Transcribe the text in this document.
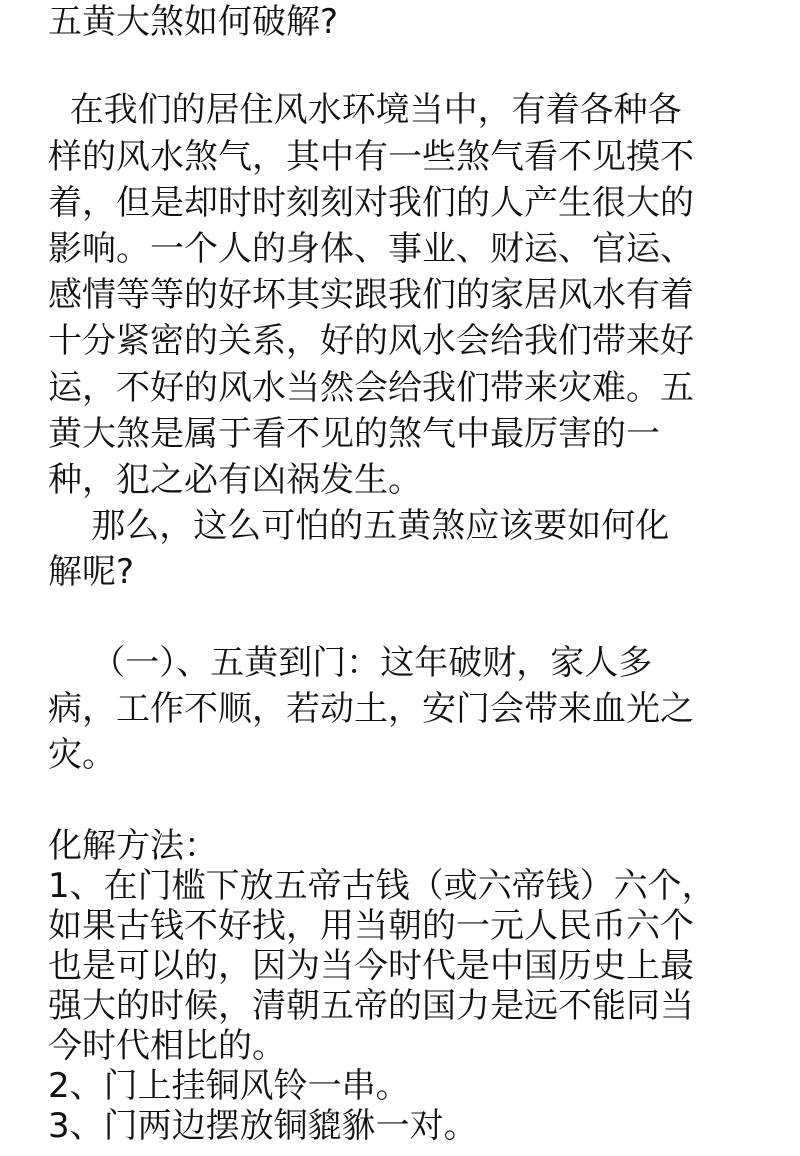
五黄大煞如何破解?
在我们的居住风水环境当中，有着各种各
样的风水煞气，其中有一些煞气看不见摸不
着，但是却时时刻刻对我们的人产生很大的
影响。一个人的身体、事业、财运、官运、
感情等等的好坏其实跟我们的家居风水有着
十分紧密的关系，好的风水会给我们带来好
运，不好的风水当然会给我们带来灾难。五
黄大煞是属于看不见的煞气中最厉害的一
种，犯之必有凶祸发生。
那么，这么可怕的五黄煞应该要如何化
解呢?
（一）、五黄到门：这年破财，家人多
病，工作不顺，若动土，安门会带来血光之
灾。
化解方法：
1、在门槛下放五帝古钱（或六帝钱）六个，
如果古钱不好找，用当朝的一元人民币六个
也是可以的，因为当今时代是中国历史上最
强大的时候，清朝五帝的国力是远不能同当
今时代相比的。
2、门上挂铜风铃一串。
3、门两边摆放铜貔貅一对。
